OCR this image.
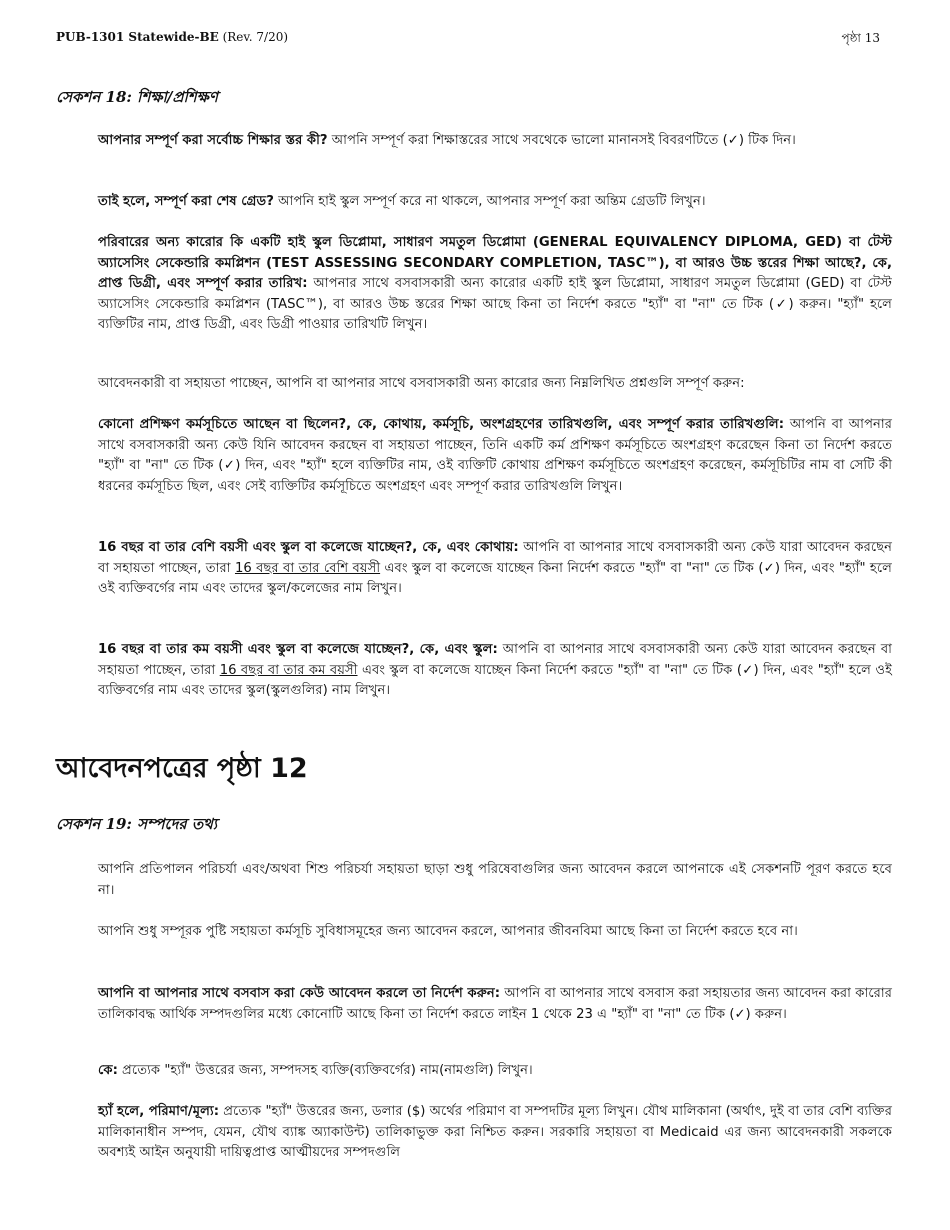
PUB-1301 Statewide-BE (Rev. 7/20)	পৃষ্ঠা 13
সেকশন 18: শিক্ষা/প্রশিক্ষণ

আপনার সম্পূর্ণ করা সর্বোচ্চ শিক্ষার স্তর কী? আপনি সম্পূর্ণ করা শিক্ষাস্তরের সাথে সবথেকে ভালো মানানসই বিবরণটিতে (✓) টিক দিন।

তাই হলে, সম্পূর্ণ করা শেষ গ্রেড? আপনি হাই স্কুল সম্পূর্ণ করে না থাকলে, আপনার সম্পূর্ণ করা অন্তিম গ্রেডটি লিখুন।

পরিবারের অন্য কারোর কি একটি হাই স্কুল ডিপ্লোমা, সাধারণ সমতুল ডিপ্লোমা (GENERAL EQUIVALENCY DIPLOMA, GED) বা টেস্ট অ্যাসেসিং সেকেন্ডারি কমপ্লিশন (TEST ASSESSING SECONDARY COMPLETION, TASC™), বা আরও উচ্চ স্তরের শিক্ষা আছে?, কে, প্রাপ্ত ডিগ্রী, এবং সম্পূর্ণ করার তারিখ: আপনার সাথে বসবাসকারী অন্য কারোর একটি হাই স্কুল ডিপ্লোমা, সাধারণ সমতুল ডিপ্লোমা (GED) বা টেস্ট অ্যাসেসিং সেকেন্ডারি কমপ্লিশন (TASC™), বা আরও উচ্চ স্তরের শিক্ষা আছে কিনা তা নির্দেশ করতে "হ্যাঁ" বা "না" তে টিক (✓) করুন। "হ্যাঁ" হলে ব্যক্তিটির নাম, প্রাপ্ত ডিগ্রী, এবং ডিগ্রী পাওয়ার তারিখটি লিখুন।

আবেদনকারী বা সহায়তা পাচ্ছেন, আপনি বা আপনার সাথে বসবাসকারী অন্য কারোর জন্য নিম্নলিখিত প্রশ্নগুলি সম্পূর্ণ করুন:

কোনো প্রশিক্ষণ কর্মসূচিতে আছেন বা ছিলেন?, কে, কোথায়, কর্মসূচি, অংশগ্রহণের তারিখগুলি, এবং সম্পূর্ণ করার তারিখগুলি: আপনি বা আপনার সাথে বসবাসকারী অন্য কেউ যিনি আবেদন করছেন বা সহায়তা পাচ্ছেন, তিনি একটি কর্ম প্রশিক্ষণ কর্মসূচিতে অংশগ্রহণ করেছেন কিনা তা নির্দেশ করতে "হ্যাঁ" বা "না" তে টিক (✓) দিন, এবং "হ্যাঁ" হলে ব্যক্তিটির নাম, ওই ব্যক্তিটি কোথায় প্রশিক্ষণ কর্মসূচিতে অংশগ্রহণ করেছেন, কর্মসূচিটির নাম বা সেটি কী ধরনের কর্মসূচিত ছিল, এবং সেই ব্যক্তিটির কর্মসূচিতে অংশগ্রহণ এবং সম্পূর্ণ করার তারিখগুলি লিখুন।

16 বছর বা তার বেশি বয়সী এবং স্কুল বা কলেজে যাচ্ছেন?, কে, এবং কোথায়: আপনি বা আপনার সাথে বসবাসকারী অন্য কেউ যারা আবেদন করছেন বা সহায়তা পাচ্ছেন, তারা 16 বছর বা তার বেশি বয়সী এবং স্কুল বা কলেজে যাচ্ছেন কিনা নির্দেশ করতে "হ্যাঁ" বা "না" তে টিক (✓) দিন, এবং "হ্যাঁ" হলে ওই ব্যক্তিবর্গের নাম এবং তাদের স্কুল/কলেজের নাম লিখুন।

16 বছর বা তার কম বয়সী এবং স্কুল বা কলেজে যাচ্ছেন?, কে, এবং স্কুল: আপনি বা আপনার সাথে বসবাসকারী অন্য কেউ যারা আবেদন করছেন বা সহায়তা পাচ্ছেন, তারা 16 বছর বা তার কম বয়সী এবং স্কুল বা কলেজে যাচ্ছেন কিনা নির্দেশ করতে "হ্যাঁ" বা "না" তে টিক (✓) দিন, এবং "হ্যাঁ" হলে ওই ব্যক্তিবর্গের নাম এবং তাদের স্কুল(স্কুলগুলির) নাম লিখুন।

আবেদনপত্রের পৃষ্ঠা 12
সেকশন 19: সম্পদের তথ্য

আপনি প্রতিপালন পরিচর্যা এবং/অথবা শিশু পরিচর্যা সহায়তা ছাড়া শুধু পরিষেবাগুলির জন্য আবেদন করলে আপনাকে এই সেকশনটি পূরণ করতে হবে না।

আপনি শুধু সম্পূরক পুষ্টি সহায়তা কর্মসূচি সুবিধাসমূহের জন্য আবেদন করলে, আপনার জীবনবিমা আছে কিনা তা নির্দেশ করতে হবে না।

আপনি বা আপনার সাথে বসবাস করা কেউ আবেদন করলে তা নির্দেশ করুন: আপনি বা আপনার সাথে বসবাস করা সহায়তার জন্য আবেদন করা কারোর তালিকাবদ্ধ আর্থিক সম্পদগুলির মধ্যে কোনোটি আছে কিনা তা নির্দেশ করতে লাইন 1 থেকে 23 এ "হ্যাঁ" বা "না" তে টিক (✓) করুন।

কে: প্রত্যেক "হ্যাঁ" উত্তরের জন্য, সম্পদসহ ব্যক্তি(ব্যক্তিবর্গের) নাম(নামগুলি) লিখুন।

হ্যাঁ হলে, পরিমাণ/মূল্য: প্রত্যেক "হ্যাঁ" উত্তরের জন্য, ডলার ($) অর্থের পরিমাণ বা সম্পদটির মূল্য লিখুন। যৌথ মালিকানা (অর্থাৎ, দুই বা তার বেশি ব্যক্তির মালিকানাধীন সম্পদ, যেমন, যৌথ ব্যাঙ্ক অ্যাকাউন্ট) তালিকাভুক্ত করা নিশ্চিত করুন। সরকারি সহায়তা বা Medicaid এর জন্য আবেদনকারী সকলকে অবশ্যই আইন অনুযায়ী দায়িত্বপ্রাপ্ত আত্মীয়দের সম্পদগুলি
